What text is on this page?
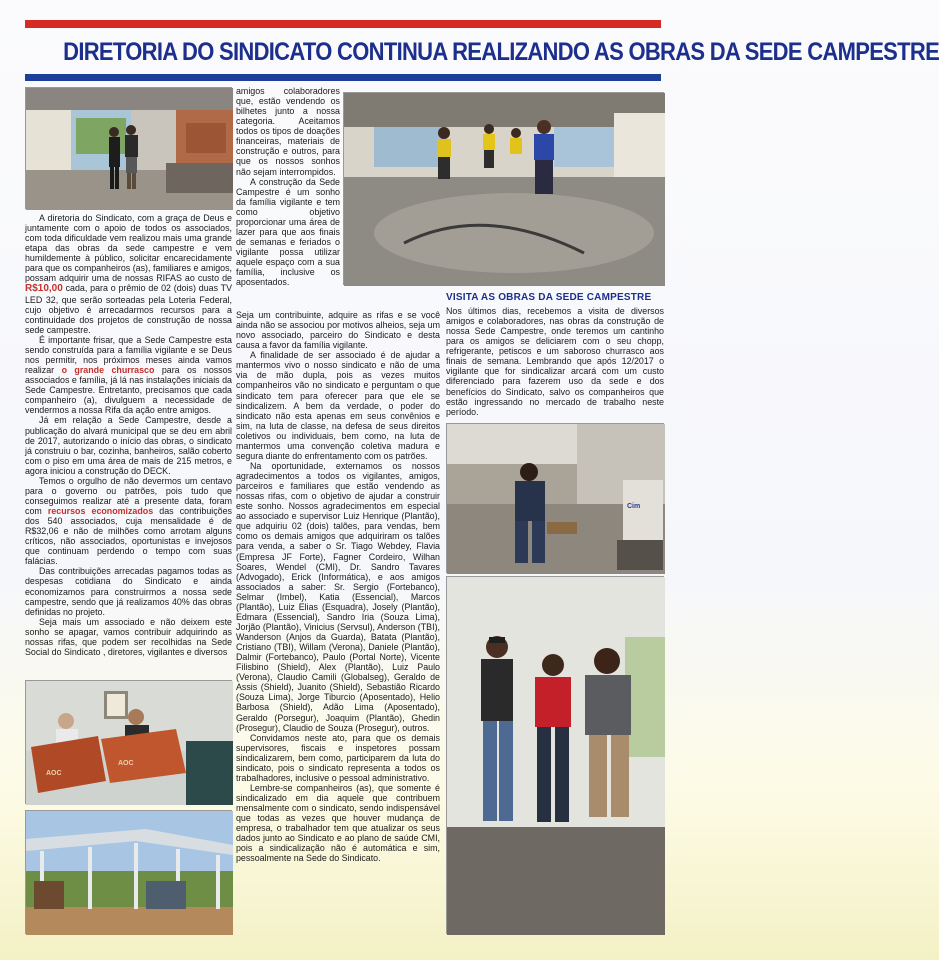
DIRETORIA DO SINDICATO CONTINUA REALIZANDO AS OBRAS DA SEDE CAMPESTRE

A diretoria do Sindicato, com a graça de Deus e juntamente com o apoio de todos os associados, com toda dificuldade vem realizou mais uma grande etapa das obras da sede campestre e vem humildemente à público, solicitar encarecidamente para que os companheiros (as), familiares e amigos, possam adquirir uma de nossas RIFAS ao custo de R$10,00 cada, para o prêmio de 02 (dois) duas TV LED 32, que serão sorteadas pela Loteria Federal, cujo objetivo é arrecadarmos recursos para a continuidade dos projetos de construção de nossa sede campestre.

É importante frisar, que a Sede Campestre esta sendo construída para a família vigilante e se Deus nos permitir, nos próximos meses ainda vamos realizar o grande churrasco para os nossos associados e família, já lá nas instalações iniciais da Sede Campestre. Entretanto, precisamos que cada companheiro (a), divulguem a necessidade de vendermos a nossa Rifa da ação entre amigos.

Já em relação a Sede Campestre, desde a publicação do alvará municipal que se deu em abril de 2017, autorizando o início das obras, o sindicato já construiu o bar, cozinha, banheiros, salão coberto com o piso em uma área de mais de 215 metros, e agora iniciou a construção do DECK.

Temos o orgulho de não devermos um centavo para o governo ou patrões, pois tudo que conseguimos realizar até a presente data, foram com recursos economizados das contribuições dos 540 associados, cuja mensalidade é de R$32,06 e não de milhões como arrotam alguns críticos, não associados, oportunistas e invejosos que continuam perdendo o tempo com suas falácias.

Das contribuições arrecadas pagamos todas as despesas cotidiana do Sindicato e ainda economizamos para construirmos a nossa sede campestre, sendo que já realizamos 40% das obras definidas no projeto.

Seja mais um associado e não deixem este sonho se apagar, vamos contribuir adquirindo as nossas rifas, que podem ser recolhidas na Sede Social do Sindicato , diretores, vigilantes e diversos

AOC
AOC

amigos colaboradores que, estão vendendo os bilhetes junto a nossa categoria. Aceitamos todos os tipos de doações financeiras, materiais de construção e outros, para que os nossos sonhos não sejam interrompidos.

A construção da Sede Campestre é um sonho da família vigilante e tem como objetivo proporcionar uma área de lazer para que aos finais de semanas e feriados o vigilante possa utilizar aquele espaço com a sua família, inclusive os aposentados.

Seja um contribuinte, adquire as rifas e se você ainda não se associou por motivos alheios, seja um novo associado, parceiro do Sindicato e desta causa a favor da família vigilante.

A finalidade de ser associado é de ajudar a mantermos vivo o nosso sindicato e não de uma via de mão dupla, pois as vezes muitos companheiros vão no sindicato e perguntam o que sindicato tem para oferecer para que ele se sindicalizem. A bem da verdade, o poder do sindicato não esta apenas em seus convênios e sim, na luta de classe, na defesa de seus direitos coletivos ou individuais, bem como, na luta de mantermos uma convenção coletiva madura e segura diante do enfrentamento com os patrões.

Na oportunidade, externamos os nossos agradecimentos a todos os vigilantes, amigos, parceiros e familiares que estão vendendo as nossas rifas, com o objetivo de ajudar a construir este sonho. Nossos agradecimentos em especial ao associado e supervisor Luiz Henrique (Plantão), que adquiriu 02 (dois) talões, para vendas, bem como os demais amigos que adquiriram os talões para venda, a saber o Sr. Tiago Webdey, Flavia (Empresa JF Forte), Fagner Cordeiro, Wilhan Soares, Wendel (CMI), Dr. Sandro Tavares (Advogado), Erick (Informática), e aos amigos associados a saber: Sr. Sergio (Fortebanco), Selmar (Imbel), Katia (Essencial), Marcos (Plantão), Luiz Elias (Esquadra), Josely (Plantão), Edmara (Essencial), Sandro Iria (Souza Lima), Jorjão (Plantão), Vinicius (Servsul), Anderson (TBI), Wanderson (Anjos da Guarda), Batata (Plantão), Cristiano (TBI), Willam (Verona), Daniele (Plantão), Dalmir (Fortebanco), Paulo (Portal Norte), Vicente Filisbino (Shield), Alex (Plantão), Luiz Paulo (Verona), Claudio Camili (Globalseg), Geraldo de Assis (Shield), Juanito (Shield), Sebastião Ricardo (Souza Lima), Jorge Tiburcio (Aposentado), Helio Barbosa (Shield), Adão Lima (Aposentado), Geraldo (Porsegur), Joaquim (Plantão), Ghedin (Prosegur), Claudio de Souza (Prosegur), outros.

Convidamos neste ato, para que os demais supervisores, fiscais e inspetores possam sindicalizarem, bem como, participarem da luta do sindicato, pois o sindicato representa a todos os trabalhadores, inclusive o pessoal administrativo.

Lembre-se companheiros (as), que somente é sindicalizado em dia aquele que contribuem mensalmente com o sindicato, sendo indispensável que todas as vezes que houver mudança de empresa, o trabalhador tem que atualizar os seus dados junto ao Sindicato e ao plano de saúde CMI, pois a sindicalização não é automática e sim, pessoalmente na Sede do Sindicato.

VISITA AS OBRAS DA SEDE CAMPESTRE

Nos últimos dias, recebemos a visita de diversos amigos e colaboradores, nas obras da construção de nossa Sede Campestre, onde teremos um cantinho para os amigos se deliciarem com o seu chopp, refrigerante, petiscos e um saboroso churrasco aos finais de semana. Lembrando que após 12/2017 o vigilante que for sindicalizar arcará com um custo diferenciado para fazerem uso da sede e dos benefícios do Sindicato, salvo os companheiros que estão ingressando no mercado de trabalho neste período.

Cim
